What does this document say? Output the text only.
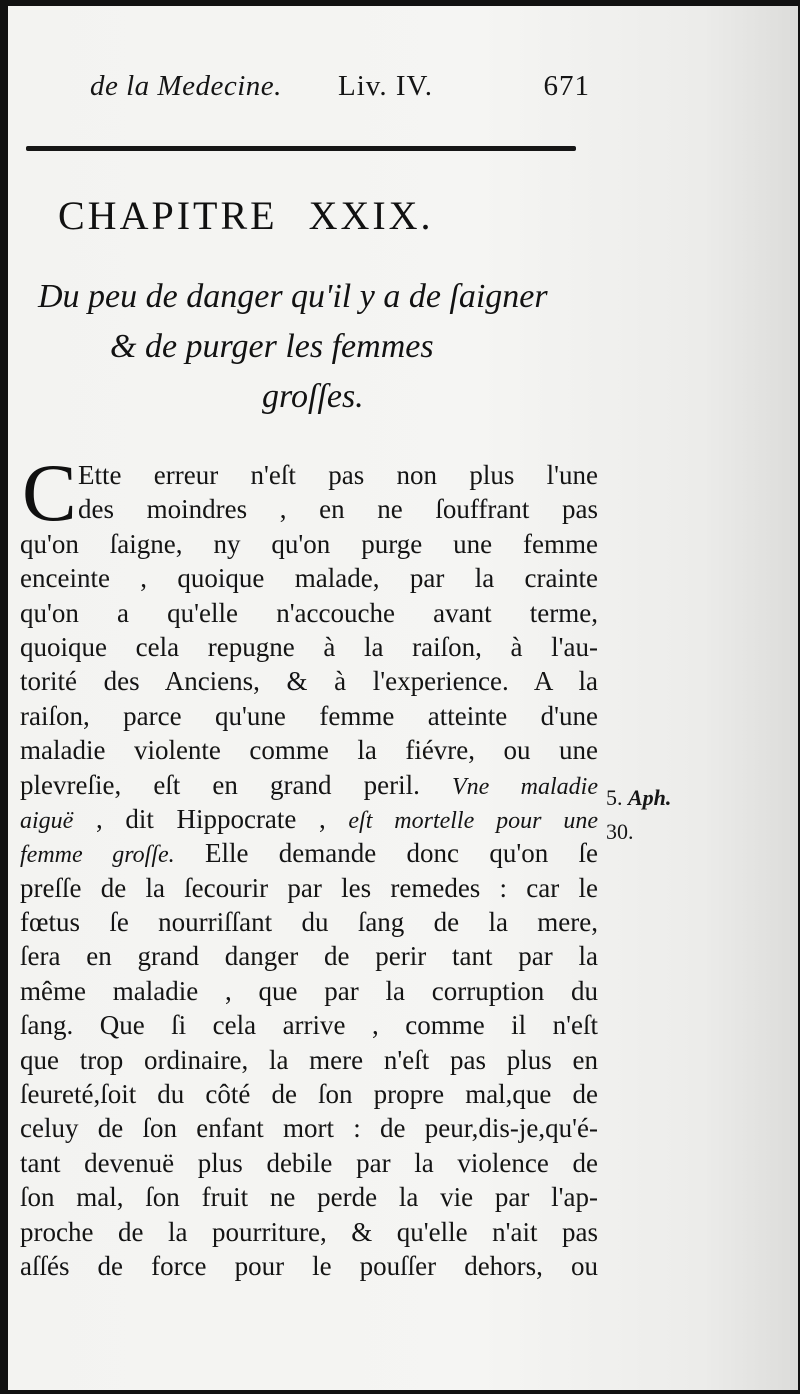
de la Medecine. Liv. IV.	671
CHAPITRE XXIX.
Du peu de danger qu'il y a de ſaigner
& de purger les femmes
groſſes.
C Ette erreur n'eſt pas non plus l'une
des moindres , en ne ſouffrant pas
qu'on ſaigne, ny qu'on purge une femme
enceinte , quoique malade, par la crainte
qu'on a qu'elle n'accouche avant terme,
quoique cela repugne à la raiſon, à l'au-
torité des Anciens, & à l'experience. A la
raiſon, parce qu'une femme atteinte d'une
maladie violente comme la fiévre, ou une
plevreſie, eſt en grand peril. Vne maladie
aiguë , dit Hippocrate , eſt mortelle pour une
femme groſſe. Elle demande donc qu'on ſe
preſſe de la ſecourir par les remedes : car le
fœtus ſe nourriſſant du ſang de la mere,
ſera en grand danger de perir tant par la
même maladie , que par la corruption du
ſang. Que ſi cela arrive , comme il n'eſt
que trop ordinaire, la mere n'eſt pas plus en
ſeureté,ſoit du côté de ſon propre mal,que de
celuy de ſon enfant mort : de peur,dis-je,qu'é-
tant devenuë plus debile par la violence de
ſon mal, ſon fruit ne perde la vie par l'ap-
proche de la pourriture, & qu'elle n'ait pas
aſſés de force pour le pouſſer dehors, ou
5. Aph.
30.
